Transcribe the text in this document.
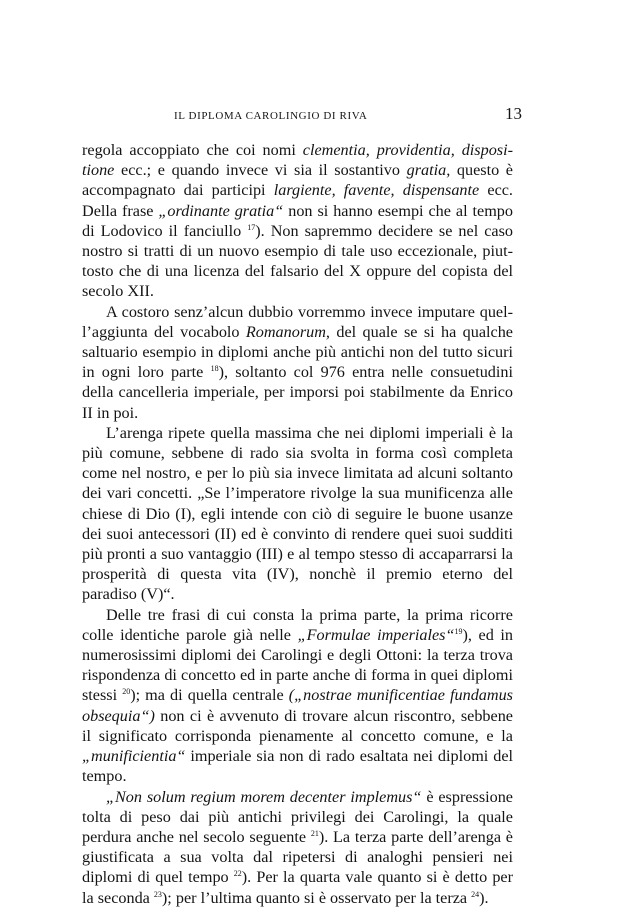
IL DIPLOMA CAROLINGIO DI RIVA	13

regola accoppiato che coi nomi clementia, providentia, dispositione ecc.; e quando invece vi sia il sostantivo gratia, questo è accompagnato dai participi largiente, favente, dispensante ecc. Della frase „ordinante gratia“ non si hanno esempi che al tempo di Lodovico il fanciullo $^{17}$). Non sapremmo decidere se nel caso nostro si tratti di un nuovo esempio di tale uso eccezionale, piuttosto che di una licenza del falsario del X oppure del copista del secolo XII.

A costoro senz’alcun dubbio vorremmo invece imputare quell’aggiunta del vocabolo Romanorum, del quale se si ha qualche saltuario esempio in diplomi anche più antichi non del tutto sicuri in ogni loro parte $^{18}$), soltanto col 976 entra nelle consuetudini della cancelleria imperiale, per imporsi poi stabilmente da Enrico II in poi.

L’arenga ripete quella massima che nei diplomi imperiali è la più comune, sebbene di rado sia svolta in forma così completa come nel nostro, e per lo più sia invece limitata ad alcuni soltanto dei vari concetti. „Se l’imperatore rivolge la sua munificenza alle chiese di Dio (I), egli intende con ciò di seguire le buone usanze dei suoi antecessori (II) ed è convinto di rendere quei suoi sudditi più pronti a suo vantaggio (III) e al tempo stesso di accaparrarsi la prosperità di questa vita (IV), nonchè il premio eterno del paradiso (V)“.

Delle tre frasi di cui consta la prima parte, la prima ricorre colle identiche parole già nelle „Formulae imperiales“$^{19}$), ed in numerosissimi diplomi dei Carolingi e degli Ottoni: la terza trova rispondenza di concetto ed in parte anche di forma in quei diplomi stessi $^{20}$); ma di quella centrale („nostrae munificentiae fundamus obsequia“) non ci è avvenuto di trovare alcun riscontro, sebbene il significato corrisponda pienamente al concetto comune, e la „munificientia“ imperiale sia non di rado esaltata nei diplomi del tempo.

„Non solum regium morem decenter implemus“ è espressione tolta di peso dai più antichi privilegi dei Carolingi, la quale perdura anche nel secolo seguente $^{21}$). La terza parte dell’arenga è giustificata a sua volta dal ripetersi di analoghi pensieri nei diplomi di quel tempo $^{22}$). Per la quarta vale quanto si è detto per la seconda $^{23}$); per l’ultima quanto si è osservato per la terza $^{24}$).
